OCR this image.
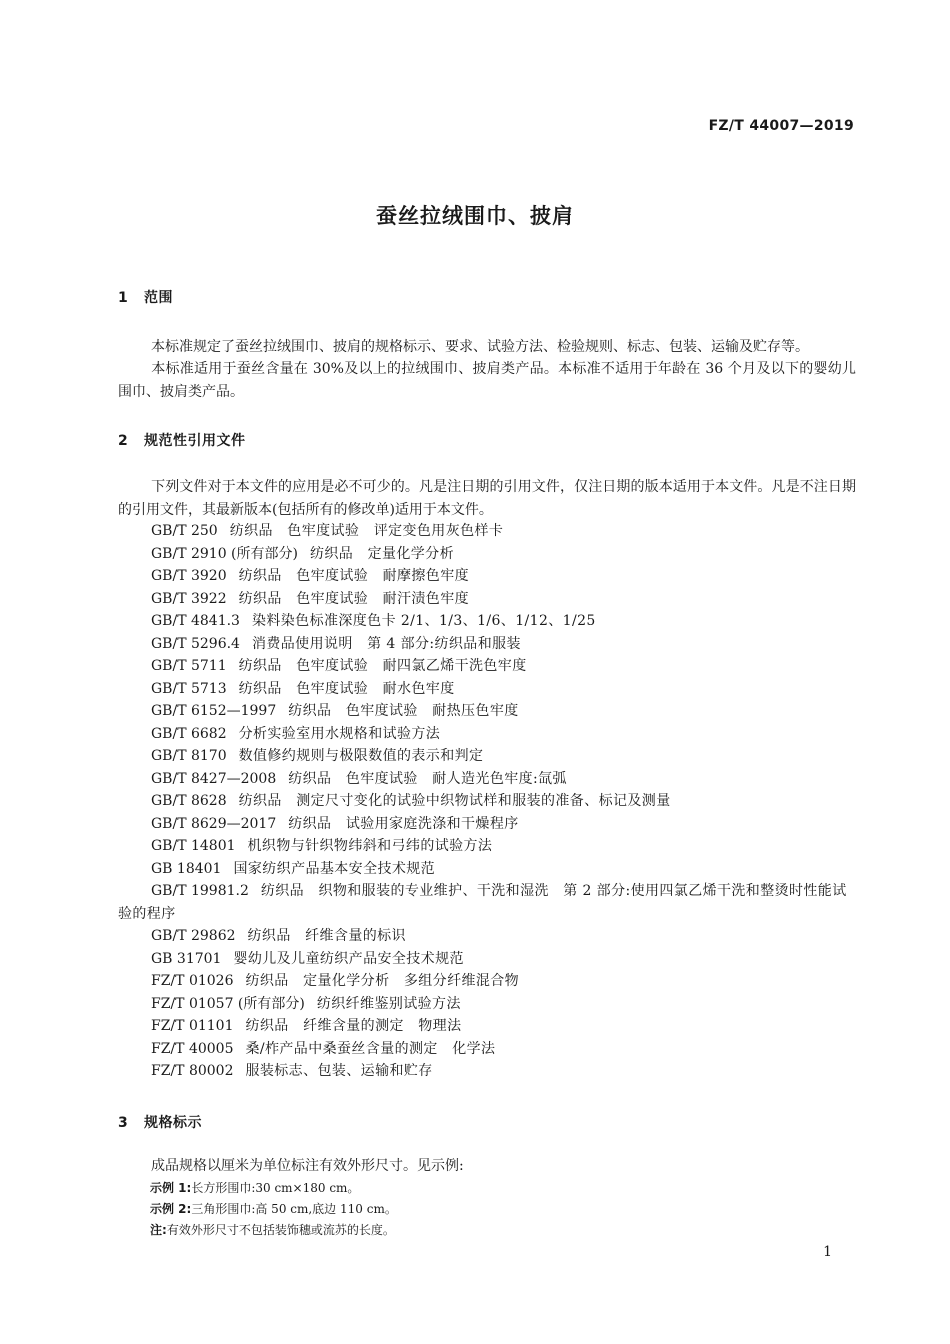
FZ/T 44007—2019
蚕丝拉绒围巾、披肩
1 范围
本标准规定了蚕丝拉绒围巾、披肩的规格标示、要求、试验方法、检验规则、标志、包装、运输及贮存等。
本标准适用于蚕丝含量在 30%及以上的拉绒围巾、披肩类产品。本标准不适用于年龄在 36 个月及以下的婴幼儿围巾、披肩类产品。
2 规范性引用文件
下列文件对于本文件的应用是必不可少的。凡是注日期的引用文件，仅注日期的版本适用于本文件。凡是不注日期的引用文件，其最新版本(包括所有的修改单)适用于本文件。
GB/T 250 纺织品　色牢度试验　评定变色用灰色样卡
GB/T 2910 (所有部分) 纺织品　定量化学分析
GB/T 3920 纺织品　色牢度试验　耐摩擦色牢度
GB/T 3922 纺织品　色牢度试验　耐汗渍色牢度
GB/T 4841.3 染料染色标准深度色卡 2/1、1/3、1/6、1/12、1/25
GB/T 5296.4 消费品使用说明　第 4 部分:纺织品和服装
GB/T 5711 纺织品　色牢度试验　耐四氯乙烯干洗色牢度
GB/T 5713 纺织品　色牢度试验　耐水色牢度
GB/T 6152—1997 纺织品　色牢度试验　耐热压色牢度
GB/T 6682 分析实验室用水规格和试验方法
GB/T 8170 数值修约规则与极限数值的表示和判定
GB/T 8427—2008 纺织品　色牢度试验　耐人造光色牢度:氙弧
GB/T 8628 纺织品　测定尺寸变化的试验中织物试样和服装的准备、标记及测量
GB/T 8629—2017 纺织品　试验用家庭洗涤和干燥程序
GB/T 14801 机织物与针织物纬斜和弓纬的试验方法
GB 18401 国家纺织产品基本安全技术规范
GB/T 19981.2 纺织品　织物和服装的专业维护、干洗和湿洗　第 2 部分:使用四氯乙烯干洗和整烫时性能试验的程序
GB/T 29862 纺织品　纤维含量的标识
GB 31701 婴幼儿及儿童纺织产品安全技术规范
FZ/T 01026 纺织品　定量化学分析　多组分纤维混合物
FZ/T 01057 (所有部分) 纺织纤维鉴别试验方法
FZ/T 01101 纺织品　纤维含量的测定　物理法
FZ/T 40005 桑/柞产品中桑蚕丝含量的测定　化学法
FZ/T 80002 服装标志、包装、运输和贮存
3 规格标示
成品规格以厘米为单位标注有效外形尺寸。见示例:
示例 1:长方形围巾:30 cm×180 cm。
示例 2:三角形围巾:高 50 cm,底边 110 cm。
注:有效外形尺寸不包括装饰穗或流苏的长度。
1
